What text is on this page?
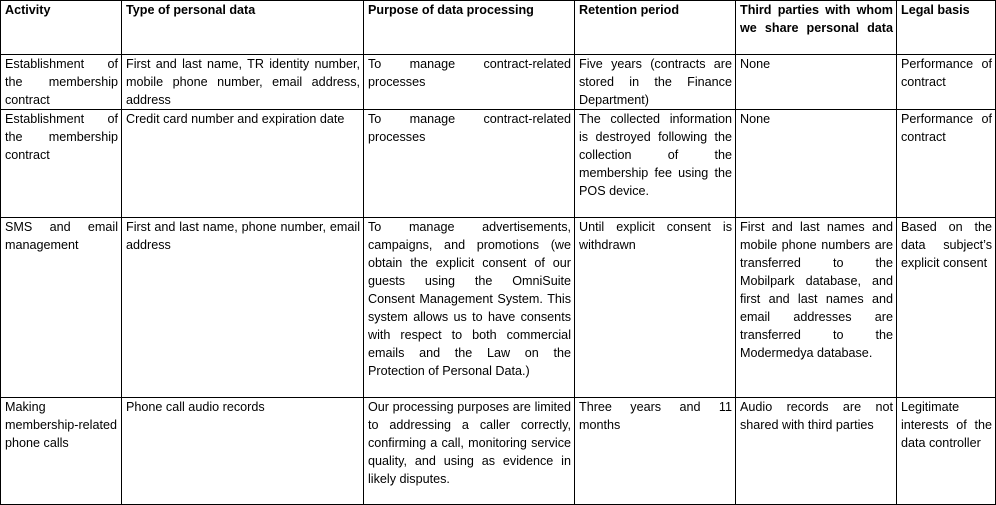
Activity	Type of personal data	Purpose of data processing	Retention period	Third parties with whom we share personal data	Legal basis
Establishment of the membership contract	First and last name, TR identity number, mobile phone number, email address, address	To manage contract-related processes	Five years (contracts are stored in the Finance Department)	None	Performance of contract
Establishment of the membership contract	Credit card number and expiration date	To manage contract-related processes	The collected information is destroyed following the collection of the membership fee using the POS device.	None	Performance of contract
SMS and email management	First and last name, phone number, email address	To manage advertisements, campaigns, and promotions (we obtain the explicit consent of our guests using the OmniSuite Consent Management System. This system allows us to have consents with respect to both commercial emails and the Law on the Protection of Personal Data.)	Until explicit consent is withdrawn	First and last names and mobile phone numbers are transferred to the Mobilpark database, and first and last names and email addresses are transferred to the Modermedya database.	Based on the data subject’s explicit consent
Making membership-related phone calls	Phone call audio records	Our processing purposes are limited to addressing a caller correctly, confirming a call, monitoring service quality, and using as evidence in likely disputes.	Three years and 11 months	Audio records are not shared with third parties	Legitimate interests of the data controller
